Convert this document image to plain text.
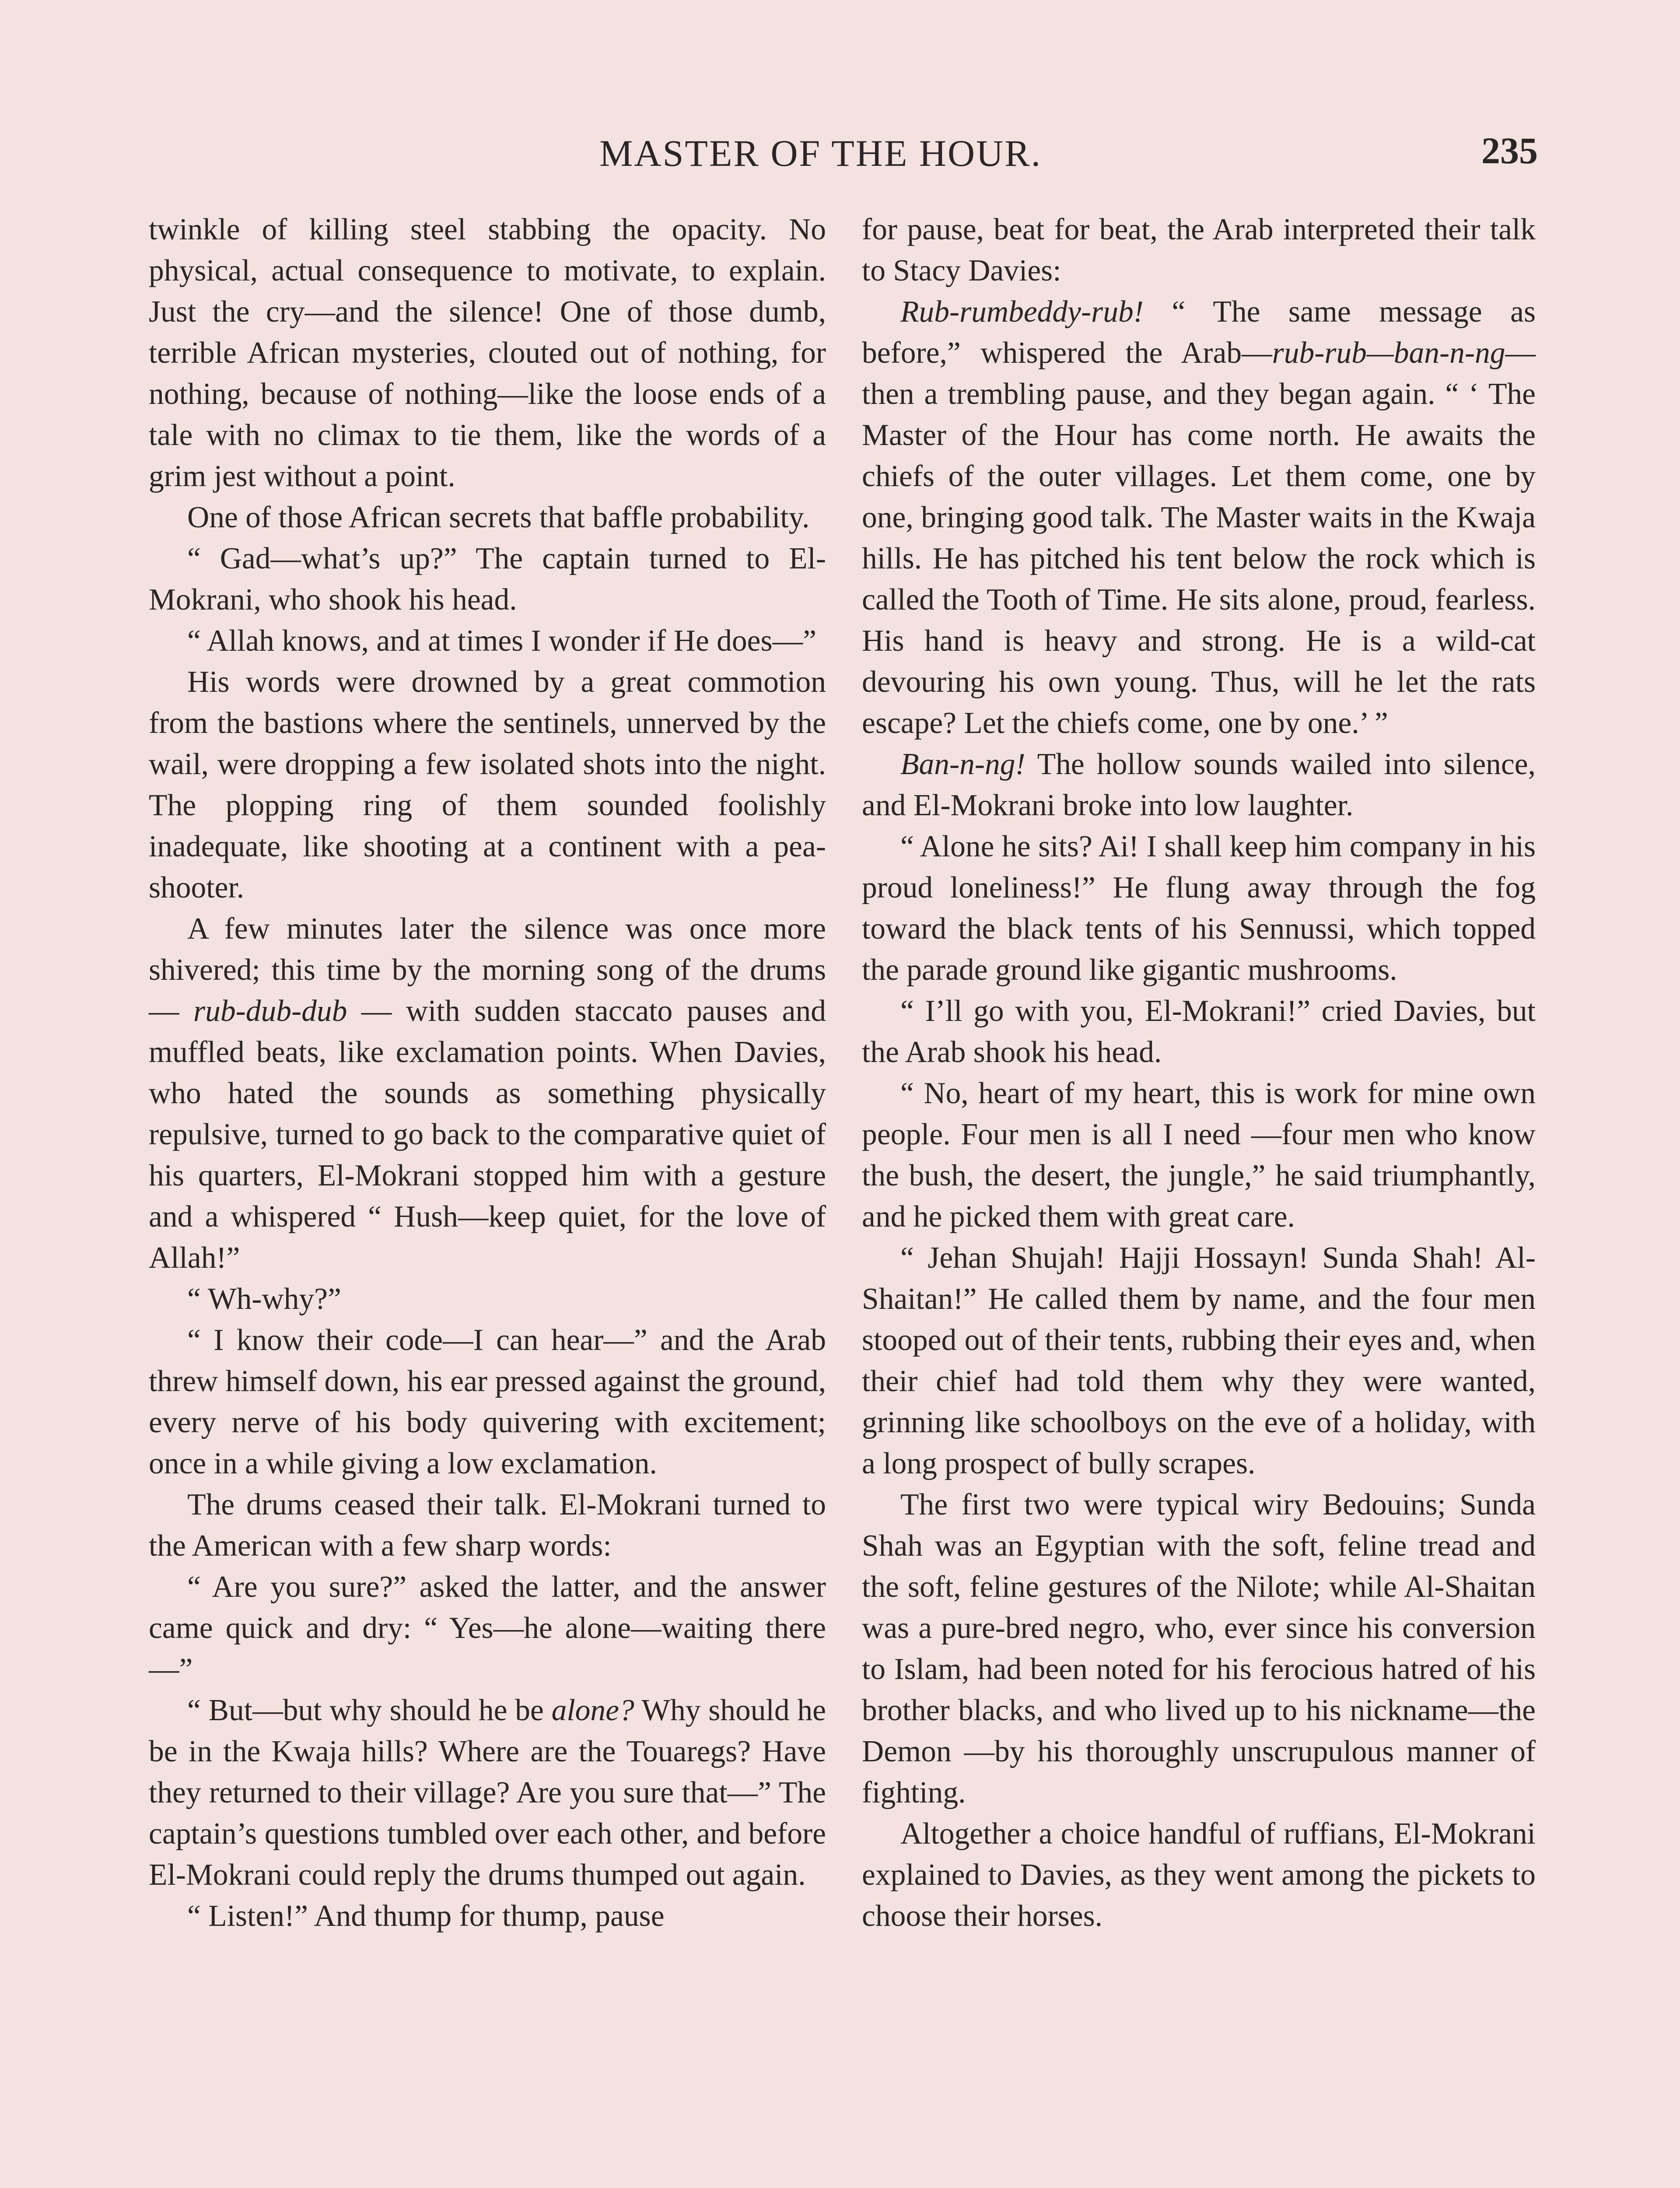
MASTER OF THE HOUR.	235

twinkle of killing steel stabbing the opacity. No physical, actual consequence to motivate, to explain. Just the cry—and the silence! One of those dumb, terrible African mysteries, clouted out of nothing, for nothing, because of nothing—like the loose ends of a tale with no climax to tie them, like the words of a grim jest without a point.

One of those African secrets that baffle probability.

“ Gad—what’s up?” The captain turned to El-Mokrani, who shook his head.

“ Allah knows, and at times I wonder if He does—”

His words were drowned by a great commotion from the bastions where the sentinels, unnerved by the wail, were dropping a few isolated shots into the night. The plopping ring of them sounded foolishly inadequate, like shooting at a continent with a pea-shooter.

A few minutes later the silence was once more shivered; this time by the morning song of the drums — rub-dub-dub — with sudden staccato pauses and muffled beats, like exclamation points. When Davies, who hated the sounds as something physically repulsive, turned to go back to the comparative quiet of his quarters, El-Mokrani stopped him with a gesture and a whispered “ Hush—keep quiet, for the love of Allah!”

“ Wh-why?”

“ I know their code—I can hear—” and the Arab threw himself down, his ear pressed against the ground, every nerve of his body quivering with excitement; once in a while giving a low exclamation.

The drums ceased their talk. El-Mokrani turned to the American with a few sharp words:

“ Are you sure?” asked the latter, and the answer came quick and dry: “ Yes—he alone—waiting there—”

“ But—but why should he be alone? Why should he be in the Kwaja hills? Where are the Touaregs? Have they returned to their village? Are you sure that—” The captain’s questions tumbled over each other, and before El-Mokrani could reply the drums thumped out again.

“ Listen!” And thump for thump, pause

for pause, beat for beat, the Arab interpreted their talk to Stacy Davies:

Rub-rumbeddy-rub! “ The same message as before,” whispered the Arab—rub-rub—ban-n-ng—then a trembling pause, and they began again. “ ‘ The Master of the Hour has come north. He awaits the chiefs of the outer villages. Let them come, one by one, bringing good talk. The Master waits in the Kwaja hills. He has pitched his tent below the rock which is called the Tooth of Time. He sits alone, proud, fearless. His hand is heavy and strong. He is a wild-cat devouring his own young. Thus, will he let the rats escape? Let the chiefs come, one by one.’ ”

Ban-n-ng! The hollow sounds wailed into silence, and El-Mokrani broke into low laughter.

“ Alone he sits? Ai! I shall keep him company in his proud loneliness!” He flung away through the fog toward the black tents of his Sennussi, which topped the parade ground like gigantic mushrooms.

“ I’ll go with you, El-Mokrani!” cried Davies, but the Arab shook his head.

“ No, heart of my heart, this is work for mine own people. Four men is all I need —four men who know the bush, the desert, the jungle,” he said triumphantly, and he picked them with great care.

“ Jehan Shujah! Hajji Hossayn! Sunda Shah! Al-Shaitan!” He called them by name, and the four men stooped out of their tents, rubbing their eyes and, when their chief had told them why they were wanted, grinning like schoolboys on the eve of a holiday, with a long prospect of bully scrapes.

The first two were typical wiry Bedouins; Sunda Shah was an Egyptian with the soft, feline tread and the soft, feline gestures of the Nilote; while Al-Shaitan was a pure-bred negro, who, ever since his conversion to Islam, had been noted for his ferocious hatred of his brother blacks, and who lived up to his nickname—the Demon —by his thoroughly unscrupulous manner of fighting.

Altogether a choice handful of ruffians, El-Mokrani explained to Davies, as they went among the pickets to choose their horses.
